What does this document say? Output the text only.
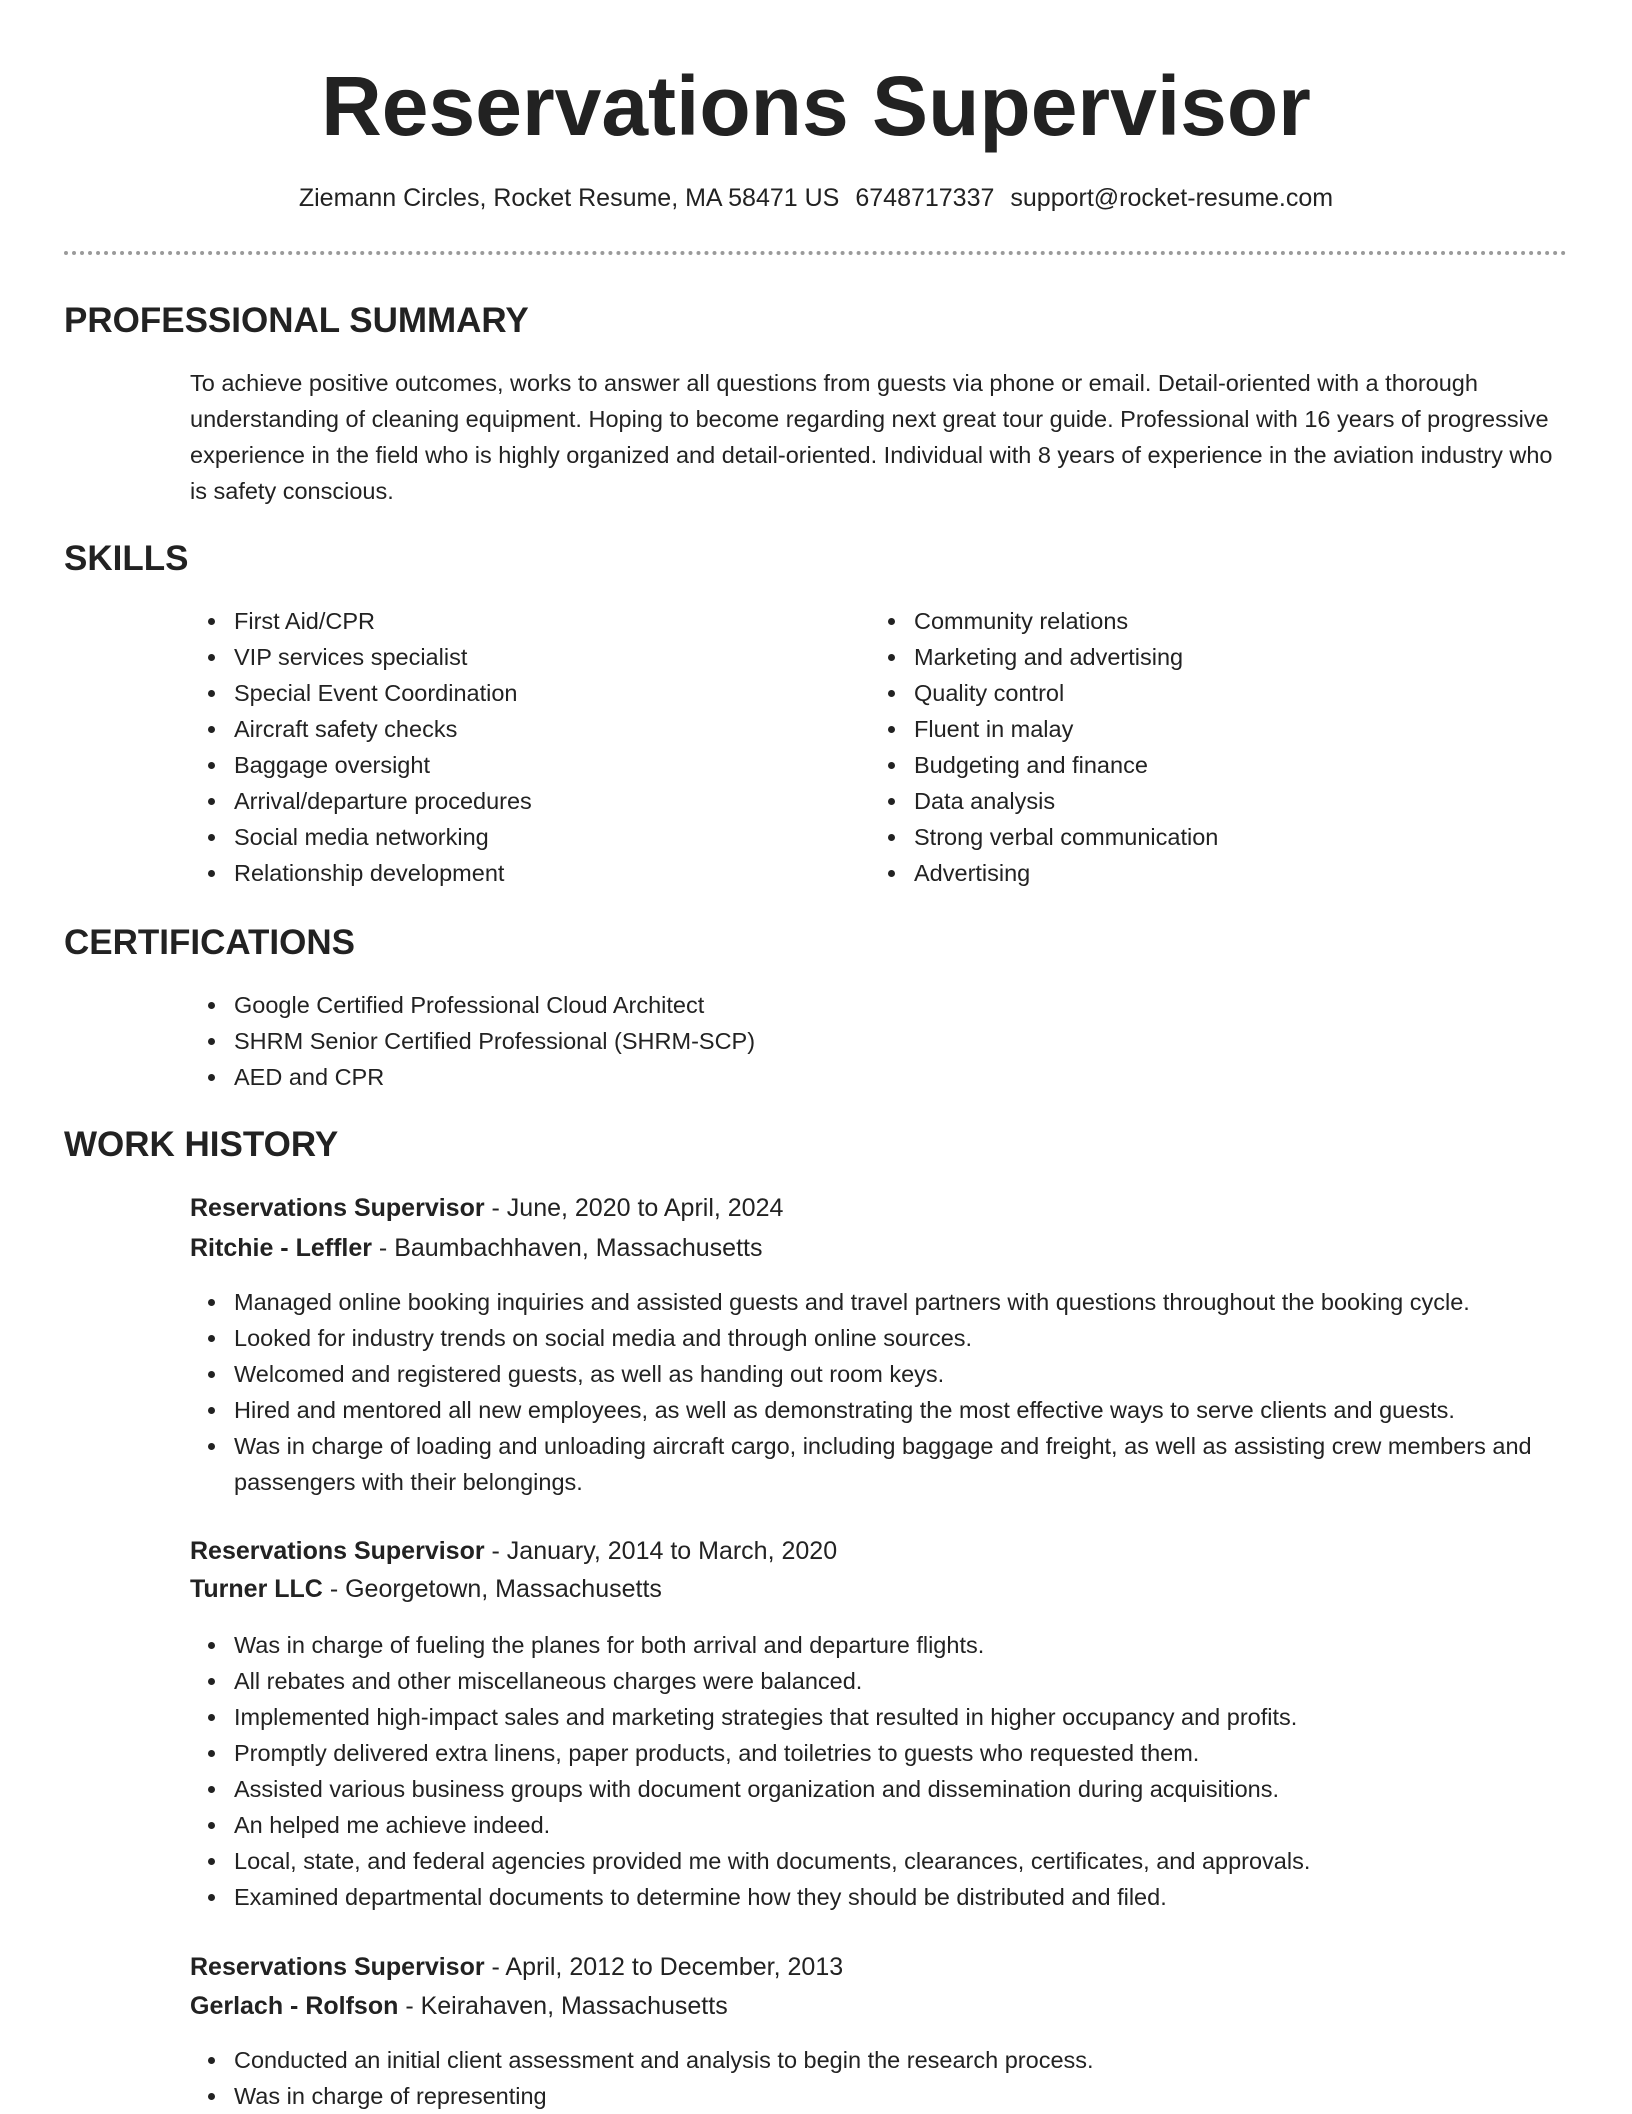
Reservations Supervisor
Ziemann Circles, Rocket Resume, MA 58471 US 6748717337 support@rocket-resume.com
PROFESSIONAL SUMMARY

To achieve positive outcomes, works to answer all questions from guests via phone or email. Detail-oriented with a thorough understanding of cleaning equipment. Hoping to become regarding next great tour guide. Professional with 16 years of progressive experience in the field who is highly organized and detail-oriented. Individual with 8 years of experience in the aviation industry who is safety conscious.

SKILLS
First Aid/CPR
VIP services specialist
Special Event Coordination
Aircraft safety checks
Baggage oversight
Arrival/departure procedures
Social media networking
Relationship development
Community relations
Marketing and advertising
Quality control
Fluent in malay
Budgeting and finance
Data analysis
Strong verbal communication
Advertising
CERTIFICATIONS
Google Certified Professional Cloud Architect
SHRM Senior Certified Professional (SHRM-SCP)
AED and CPR
WORK HISTORY
Reservations Supervisor - June, 2020 to April, 2024
Ritchie - Leffler - Baumbachhaven, Massachusetts
Managed online booking inquiries and assisted guests and travel partners with questions throughout the booking cycle.
Looked for industry trends on social media and through online sources.
Welcomed and registered guests, as well as handing out room keys.
Hired and mentored all new employees, as well as demonstrating the most effective ways to serve clients and guests.
Was in charge of loading and unloading aircraft cargo, including baggage and freight, as well as assisting crew members and passengers with their belongings.
Reservations Supervisor - January, 2014 to March, 2020
Turner LLC - Georgetown, Massachusetts
Was in charge of fueling the planes for both arrival and departure flights.
All rebates and other miscellaneous charges were balanced.
Implemented high-impact sales and marketing strategies that resulted in higher occupancy and profits.
Promptly delivered extra linens, paper products, and toiletries to guests who requested them.
Assisted various business groups with document organization and dissemination during acquisitions.
An helped me achieve indeed.
Local, state, and federal agencies provided me with documents, clearances, certificates, and approvals.
Examined departmental documents to determine how they should be distributed and filed.
Reservations Supervisor - April, 2012 to December, 2013
Gerlach - Rolfson - Keirahaven, Massachusetts
Conducted an initial client assessment and analysis to begin the research process.
Was in charge of representing
